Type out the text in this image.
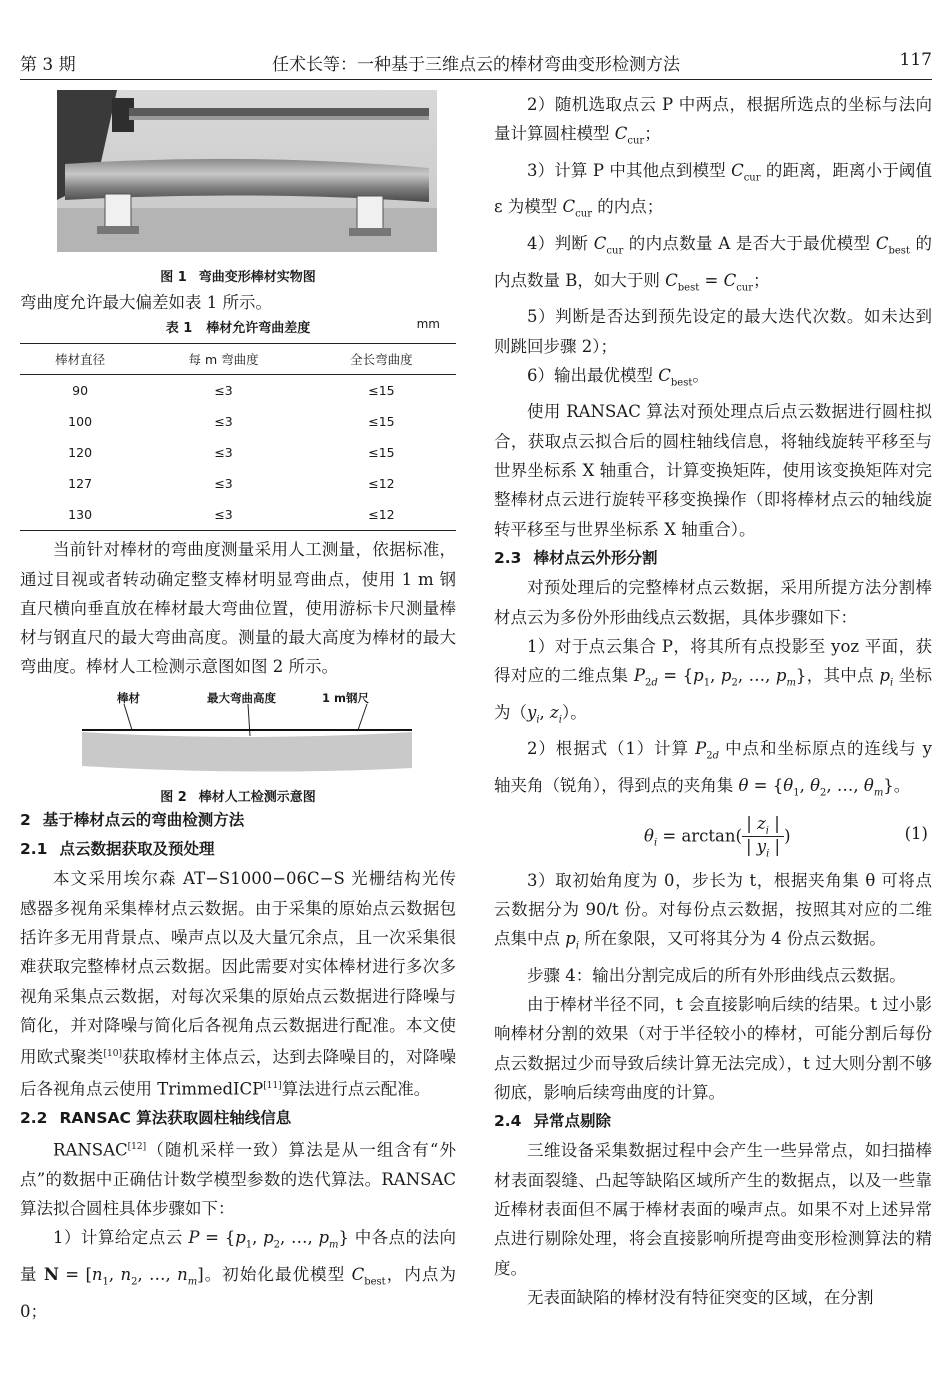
第 3 期	任术长等：一种基于三维点云的棒材弯曲变形检测方法	117
图 1 弯曲变形棒材实物图

弯曲度允许最大偏差如表 1 所示。

表 1 棒材允许弯曲差度	mm
棒材直径	每 m 弯曲度	全长弯曲度
90	≤3	≤15
100	≤3	≤15
120	≤3	≤15
127	≤3	≤12
130	≤3	≤12

当前针对棒材的弯曲度测量采用人工测量，依据标准，通过目视或者转动确定整支棒材明显弯曲点，使用 1 m 钢直尺横向垂直放在棒材最大弯曲位置，使用游标卡尺测量棒材与钢直尺的最大弯曲高度。测量的最大高度为棒材的最大弯曲度。棒材人工检测示意图如图 2 所示。

棒材	最大弯曲高度	1 m钢尺
图 2 棒材人工检测示意图
2 基于棒材点云的弯曲检测方法
2.1 点云数据获取及预处理

本文采用埃尔森 AT−S1000−06C−S 光栅结构光传感器多视角采集棒材点云数据。由于采集的原始点云数据包括许多无用背景点、噪声点以及大量冗余点，且一次采集很难获取完整棒材点云数据。因此需要对实体棒材进行多次多视角采集点云数据，对每次采集的原始点云数据进行降噪与简化，并对降噪与简化后各视角点云数据进行配准。本文使用欧式聚类[10]获取棒材主体点云，达到去降噪目的，对降噪后各视角点云使用 TrimmedICP[11]算法进行点云配准。

2.2 RANSAC 算法获取圆柱轴线信息

RANSAC[12]（随机采样一致）算法是从一组含有“外点”的数据中正确估计数学模型参数的迭代算法。RANSAC 算法拟合圆柱具体步骤如下：

1）计算给定点云 $P = \{p_1$, $p_2$, …, $p_m$} 中各点的法向量 $N = [n_1$, $n_2$, …, $n_m$]。初始化最优模型 $C_{best}$，内点为 0；

2）随机选取点云 P 中两点，根据所选点的坐标与法向量计算圆柱模型 $C_{cur}$；

3）计算 P 中其他点到模型 $C_{cur}$ 的距离，距离小于阈值 ε 为模型 $C_{cur}$ 的内点；

4）判断 $C_{cur}$ 的内点数量 A 是否大于最优模型 $C_{best}$ 的内点数量 B，如大于则 $C_{best} = C_{cur}$；

5）判断是否达到预先设定的最大迭代次数。如未达到则跳回步骤 2）；

6）输出最优模型 $C_{best}$。

使用 RANSAC 算法对预处理点后点云数据进行圆柱拟合，获取点云拟合后的圆柱轴线信息，将轴线旋转平移至与世界坐标系 X 轴重合，计算变换矩阵，使用该变换矩阵对完整棒材点云进行旋转平移变换操作（即将棒材点云的轴线旋转平移至与世界坐标系 X 轴重合）。

2.3 棒材点云外形分割

对预处理后的完整棒材点云数据，采用所提方法分割棒材点云为多份外形曲线点云数据，具体步骤如下：

1）对于点云集合 P，将其所有点投影至 yoz 平面，获得对应的二维点集 $P_{2d} = \{p_1$, $p_2$, …, $p_m$}，其中点 $p_i$ 坐标为（$y_i$, $z_i$）。

2）根据式（1）计算 $P_{2d}$ 中点和坐标原点的连线与 y 轴夹角（锐角），得到点的夹角集 $\theta = \{\theta_1$, $\theta_2$, …, $\theta_m$}。

$\theta_i = \arctan( \frac{| z_i |}{| y_i |}$ )	(1)

3）取初始角度为 0，步长为 t，根据夹角集 θ 可将点云数据分为 90/t 份。对每份点云数据，按照其对应的二维点集中点 $p_i$ 所在象限，又可将其分为 4 份点云数据。

步骤 4：输出分割完成后的所有外形曲线点云数据。

由于棒材半径不同，t 会直接影响后续的结果。t 过小影响棒材分割的效果（对于半径较小的棒材，可能分割后每份点云数据过少而导致后续计算无法完成），t 过大则分割不够彻底，影响后续弯曲度的计算。

2.4 异常点剔除

三维设备采集数据过程中会产生一些异常点，如扫描棒材表面裂缝、凸起等缺陷区域所产生的数据点，以及一些靠近棒材表面但不属于棒材表面的噪声点。如果不对上述异常点进行剔除处理，将会直接影响所提弯曲变形检测算法的精度。

无表面缺陷的棒材没有特征突变的区域，在分割
